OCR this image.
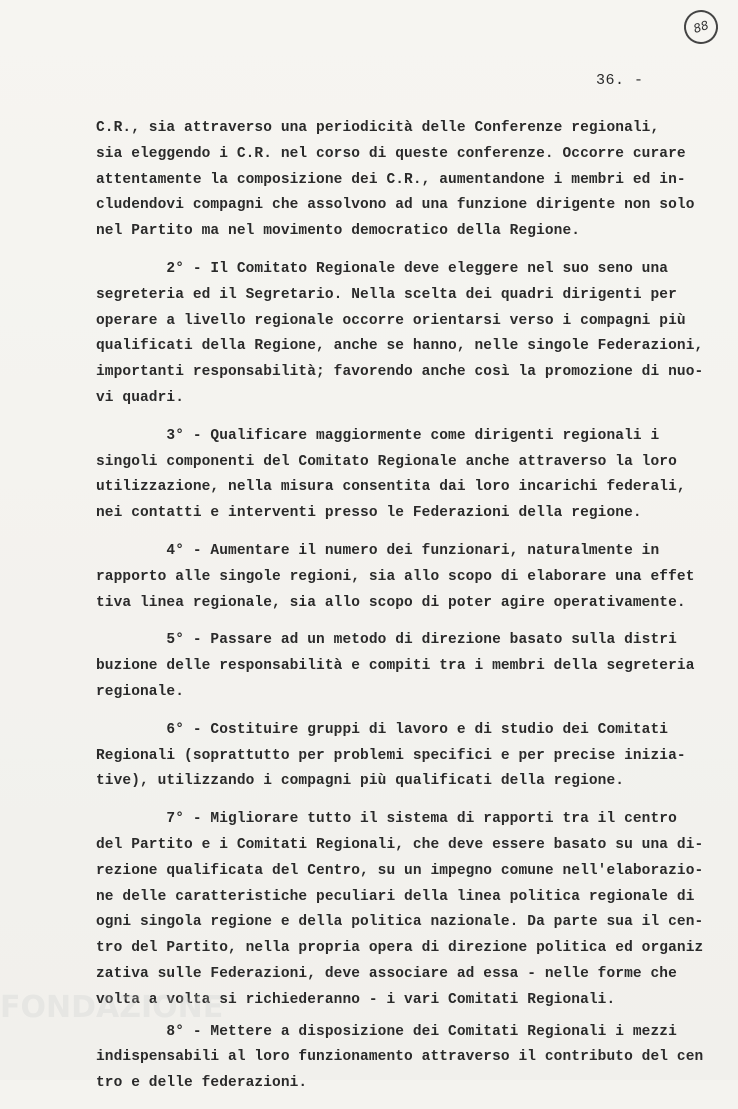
88
36. -
C.R., sia attraverso una periodicità delle Conferenze regionali,
sia eleggendo i C.R. nel corso di queste conferenze. Occorre curare
attentamente la composizione dei C.R., aumentandone i membri ed in-
cludendovi compagni che assolvono ad una funzione dirigente non solo
nel Partito ma nel movimento democratico della Regione.
2° - Il Comitato Regionale deve eleggere nel suo seno una
segreteria ed il Segretario. Nella scelta dei quadri dirigenti per
operare a livello regionale occorre orientarsi verso i compagni più
qualificati della Regione, anche se hanno, nelle singole Federazioni,
importanti responsabilità; favorendo anche così la promozione di nuo-
vi quadri.
3° - Qualificare maggiormente come dirigenti regionali i
singoli componenti del Comitato Regionale anche attraverso la loro
utilizzazione, nella misura consentita dai loro incarichi federali,
nei contatti e interventi presso le Federazioni della regione.
4° - Aumentare il numero dei funzionari, naturalmente in
rapporto alle singole regioni, sia allo scopo di elaborare una effet
tiva linea regionale, sia allo scopo di poter agire operativamente.
5° - Passare ad un metodo di direzione basato sulla distri
buzione delle responsabilità e compiti tra i membri della segreteria
regionale.
6° - Costituire gruppi di lavoro e di studio dei Comitati
Regionali (soprattutto per problemi specifici e per precise inizia-
tive), utilizzando i compagni più qualificati della regione.
7° - Migliorare tutto il sistema di rapporti tra il centro
del Partito e i Comitati Regionali, che deve essere basato su una di-
rezione qualificata del Centro, su un impegno comune nell'elaborazio-
ne delle caratteristiche peculiari della linea politica regionale di
ogni singola regione e della politica nazionale. Da parte sua il cen-
tro del Partito, nella propria opera di direzione politica ed organiz
zativa sulle Federazioni, deve associare ad essa - nelle forme che
volta a volta si richiederanno - i vari Comitati Regionali.
8° - Mettere a disposizione dei Comitati Regionali i mezzi
indispensabili al loro funzionamento attraverso il contributo del cen
tro e delle federazioni.
FONDAZIONE
